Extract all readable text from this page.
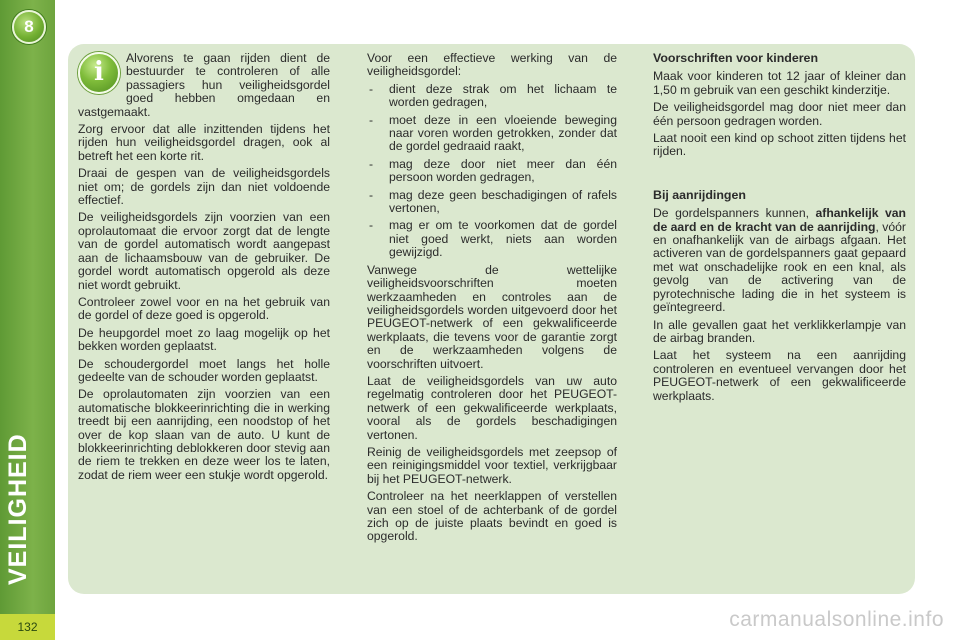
8
VEILIGHEID
132

i	Alvorens te gaan rijden dient de bestuurder te controleren of alle passagiers hun veiligheidsgordel goed hebben omgedaan en vastgemaakt.

Zorg ervoor dat alle inzittenden tijdens het rijden hun veiligheidsgordel dragen, ook al betreft het een korte rit.

Draai de gespen van de veiligheidsgordels niet om; de gordels zijn dan niet voldoende effectief.

De veiligheidsgordels zijn voorzien van een oprolautomaat die ervoor zorgt dat de lengte van de gordel automatisch wordt aangepast aan de lichaamsbouw van de gebruiker. De gordel wordt automatisch opgerold als deze niet wordt gebruikt.

Controleer zowel voor en na het gebruik van de gordel of deze goed is opgerold.

De heupgordel moet zo laag mogelijk op het bekken worden geplaatst.

De schoudergordel moet langs het holle gedeelte van de schouder worden geplaatst.

De oprolautomaten zijn voorzien van een automatische blokkeerinrichting die in werking treedt bij een aanrijding, een noodstop of het over de kop slaan van de auto. U kunt de blokkeerinrichting deblokkeren door stevig aan de riem te trekken en deze weer los te laten, zodat de riem weer een stukje wordt opgerold.

Voor een effectieve werking van de veiligheidsgordel:

- dient deze strak om het lichaam te worden gedragen,
- moet deze in een vloeiende beweging naar voren worden getrokken, zonder dat de gordel gedraaid raakt,
- mag deze door niet meer dan één persoon worden gedragen,
- mag deze geen beschadigingen of rafels vertonen,
- mag er om te voorkomen dat de gordel niet goed werkt, niets aan worden gewijzigd.

Vanwege de wettelijke veiligheidsvoorschriften moeten werkzaamheden en controles aan de veiligheidsgordels worden uitgevoerd door het PEUGEOT-netwerk of een gekwalificeerde werkplaats, die tevens voor de garantie zorgt en de werkzaamheden volgens de voorschriften uitvoert.

Laat de veiligheidsgordels van uw auto regelmatig controleren door het PEUGEOT-netwerk of een gekwalificeerde werkplaats, vooral als de gordels beschadigingen vertonen.

Reinig de veiligheidsgordels met zeepsop of een reinigingsmiddel voor textiel, verkrijgbaar bij het PEUGEOT-netwerk.

Controleer na het neerklappen of verstellen van een stoel of de achterbank of de gordel zich op de juiste plaats bevindt en goed is opgerold.

Voorschriften voor kinderen

Maak voor kinderen tot 12 jaar of kleiner dan 1,50 m gebruik van een geschikt kinderzitje.

De veiligheidsgordel mag door niet meer dan één persoon gedragen worden.

Laat nooit een kind op schoot zitten tijdens het rijden.

Bij aanrijdingen

De gordelspanners kunnen, afhankelijk van de aard en de kracht van de aanrijding, vóór en onafhankelijk van de airbags afgaan. Het activeren van de gordelspanners gaat gepaard met wat onschadelijke rook en een knal, als gevolg van de activering van de pyrotechnische lading die in het systeem is geïntegreerd.

In alle gevallen gaat het verklikkerlampje van de airbag branden.

Laat het systeem na een aanrijding controleren en eventueel vervangen door het PEUGEOT-netwerk of een gekwalificeerde werkplaats.

carmanualsonline.info
